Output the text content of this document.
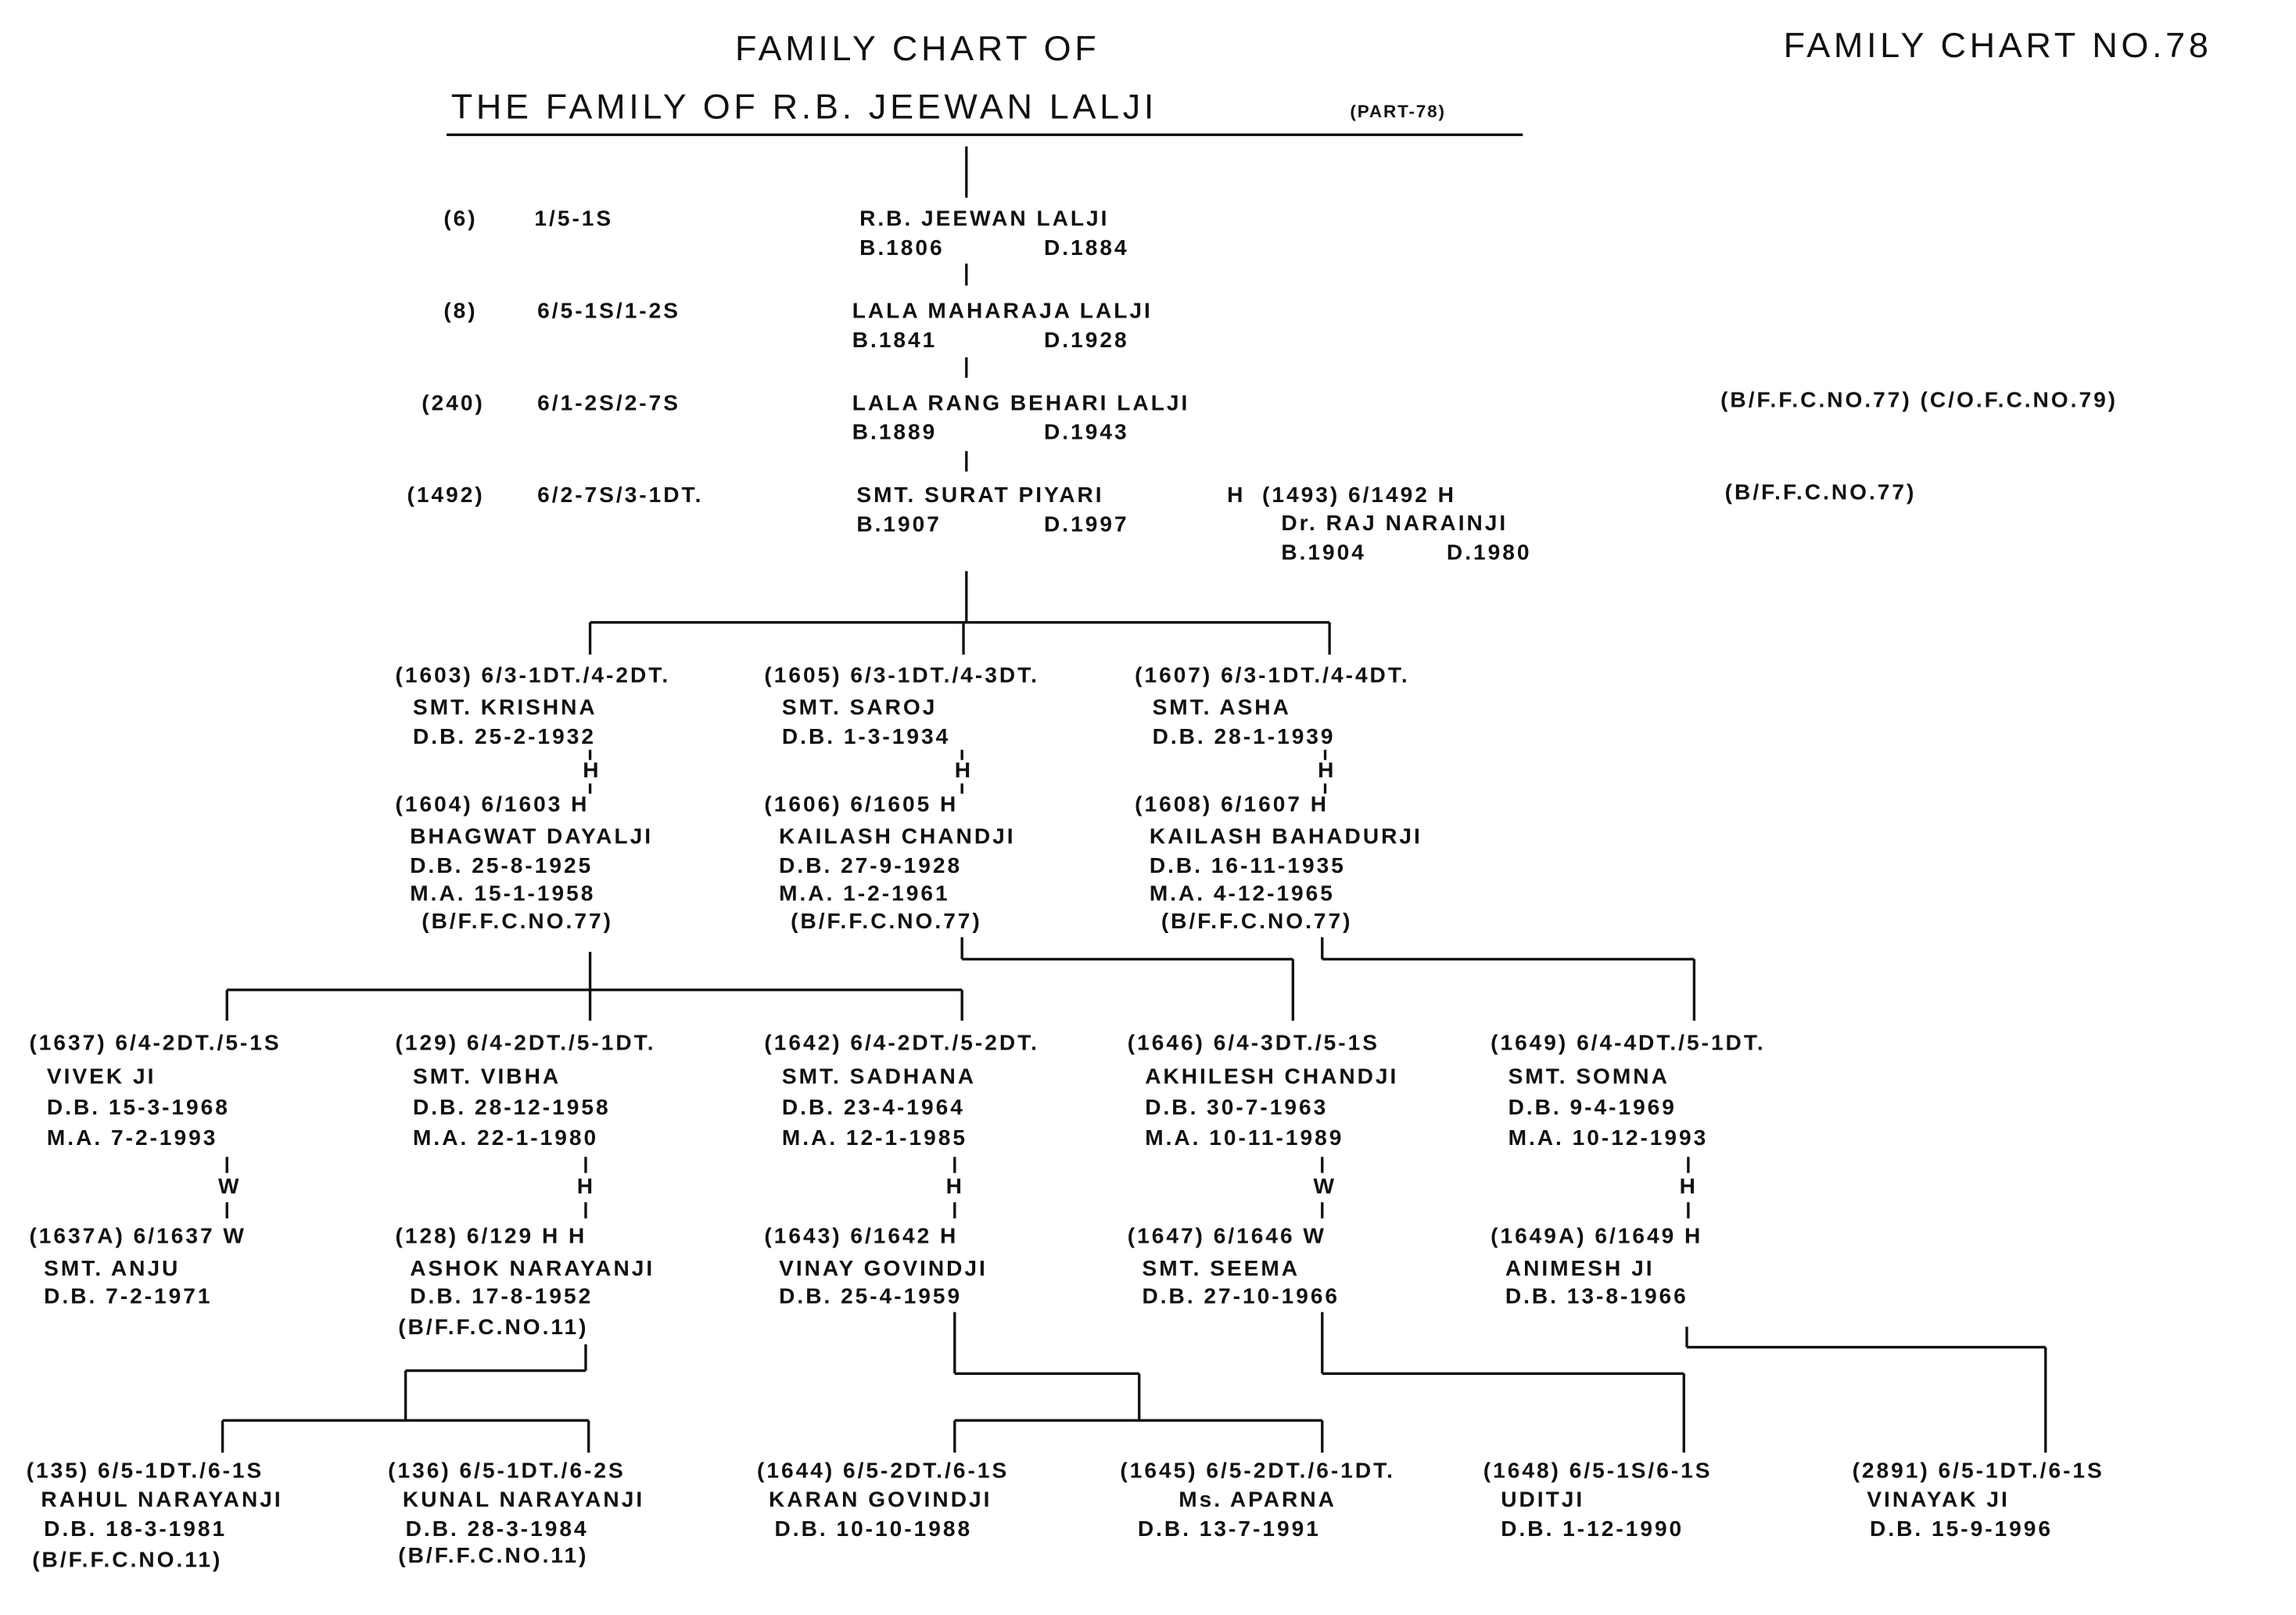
FAMILY CHART OF
THE FAMILY OF R.B. JEEWAN LALJI	(PART-78)
FAMILY CHART NO.78
(B/F.F.C.NO.77) (C/O.F.C.NO.79)
(B/F.F.C.NO.77)
(6)	1/5-1S	R.B. JEEWAN LALJI
B.1806	D.1884
(8)	6/5-1S/1-2S	LALA MAHARAJA LALJI
B.1841	D.1928
(240)	6/1-2S/2-7S	LALA RANG BEHARI LALJI
B.1889	D.1943
(1492)	6/2-7S/3-1DT.	SMT. SURAT PIYARI
B.1907	D.1997
H (1493) 6/1492 H
Dr. RAJ NARAINJI
B.1904	D.1980
(1603) 6/3-1DT./4-2DT.
SMT. KRISHNA
D.B. 25-2-1932
H
(1604) 6/1603 H
BHAGWAT DAYALJI
D.B. 25-8-1925
M.A. 15-1-1958
(B/F.F.C.NO.77)
(1605) 6/3-1DT./4-3DT.
SMT. SAROJ
D.B. 1-3-1934
H
(1606) 6/1605 H
KAILASH CHANDJI
D.B. 27-9-1928
M.A. 1-2-1961
(B/F.F.C.NO.77)
(1607) 6/3-1DT./4-4DT.
SMT. ASHA
D.B. 28-1-1939
H
(1608) 6/1607 H
KAILASH BAHADURJI
D.B. 16-11-1935
M.A. 4-12-1965
(B/F.F.C.NO.77)
(1637) 6/4-2DT./5-1S
VIVEK JI
D.B. 15-3-1968
M.A. 7-2-1993
W
(1637A) 6/1637 W
SMT. ANJU
D.B. 7-2-1971
(129) 6/4-2DT./5-1DT.
SMT. VIBHA
D.B. 28-12-1958
M.A. 22-1-1980
H
(128) 6/129 H H
ASHOK NARAYANJI
D.B. 17-8-1952
(1642) 6/4-2DT./5-2DT.
SMT. SADHANA
D.B. 23-4-1964
M.A. 12-1-1985
H
(1643) 6/1642 H
VINAY GOVINDJI
D.B. 25-4-1959
(1646) 6/4-3DT./5-1S
AKHILESH CHANDJI
D.B. 30-7-1963
M.A. 10-11-1989
W
(1647) 6/1646 W
SMT. SEEMA
D.B. 27-10-1966
(1649) 6/4-4DT./5-1DT.
SMT. SOMNA
D.B. 9-4-1969
M.A. 10-12-1993
H
(1649A) 6/1649 H
ANIMESH JI
D.B. 13-8-1966
(B/F.F.C.NO.11)
(135) 6/5-1DT./6-1S
RAHUL NARAYANJI
D.B. 18-3-1981
(136) 6/5-1DT./6-2S
KUNAL NARAYANJI
D.B. 28-3-1984
(1644) 6/5-2DT./6-1S
KARAN GOVINDJI
D.B. 10-10-1988
(1645) 6/5-2DT./6-1DT.
Ms. APARNA
D.B. 13-7-1991
(1648) 6/5-1S/6-1S
UDITJI
D.B. 1-12-1990
(2891) 6/5-1DT./6-1S
VINAYAK JI
D.B. 15-9-1996
(B/F.F.C.NO.11)	(B/F.F.C.NO.11)
